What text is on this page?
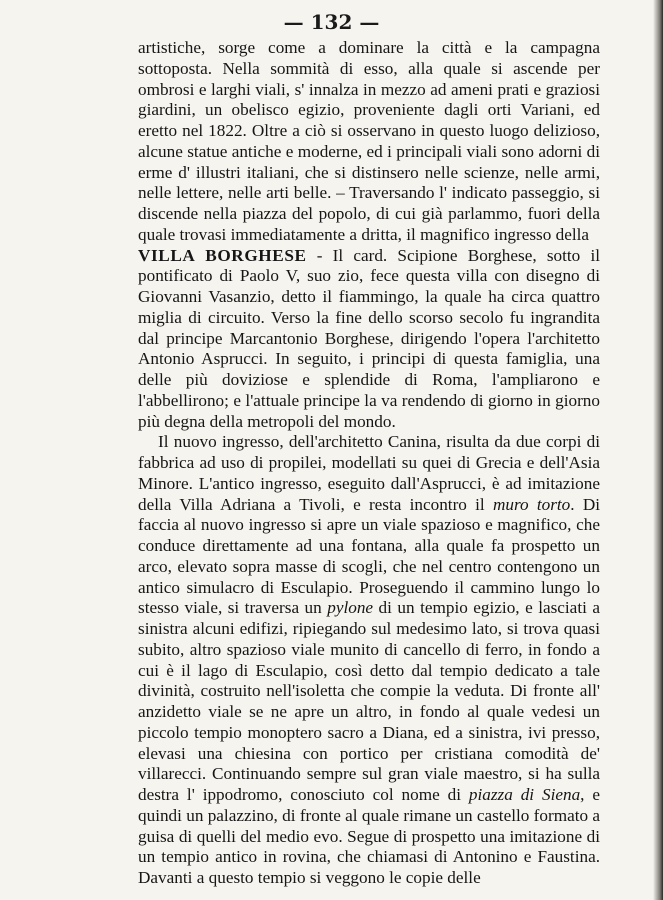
— 132 —

artistiche, sorge come a dominare la città e la campagna sottoposta. Nella sommità di esso, alla quale si ascende per ombrosi e larghi viali, s' innalza in mezzo ad ameni prati e graziosi giardini, un obelisco egizio, proveniente dagli orti Variani, ed eretto nel 1822. Oltre a ciò si osservano in questo luogo delizioso, alcune statue antiche e moderne, ed i principali viali sono adorni di erme d' illustri italiani, che si distinsero nelle scienze, nelle armi, nelle lettere, nelle arti belle. – Traversando l' indicato passeggio, si discende nella piazza del popolo, di cui già parlammo, fuori della quale trovasi immediatamente a dritta, il magnifico ingresso della

VILLA BORGHESE - Il card. Scipione Borghese, sotto il pontificato di Paolo V, suo zio, fece questa villa con disegno di Giovanni Vasanzio, detto il fiammingo, la quale ha circa quattro miglia di circuito. Verso la fine dello scorso secolo fu ingrandita dal principe Marcantonio Borghese, dirigendo l'opera l'architetto Antonio Asprucci. In seguito, i principi di questa famiglia, una delle più doviziose e splendide di Roma, l'ampliarono e l'abbellirono; e l'attuale principe la va rendendo di giorno in giorno più degna della metropoli del mondo.

Il nuovo ingresso, dell'architetto Canina, risulta da due corpi di fabbrica ad uso di propilei, modellati su quei di Grecia e dell'Asia Minore. L'antico ingresso, eseguito dall'Asprucci, è ad imitazione della Villa Adriana a Tivoli, e resta incontro il muro torto. Di faccia al nuovo ingresso si apre un viale spazioso e magnifico, che conduce direttamente ad una fontana, alla quale fa prospetto un arco, elevato sopra masse di scogli, che nel centro contengono un antico simulacro di Esculapio. Proseguendo il cammino lungo lo stesso viale, si traversa un pylone di un tempio egizio, e lasciati a sinistra alcuni edifizi, ripiegando sul medesimo lato, si trova quasi subito, altro spazioso viale munito di cancello di ferro, in fondo a cui è il lago di Esculapio, così detto dal tempio dedicato a tale divinità, costruito nell'isoletta che compie la veduta. Di fronte all' anzidetto viale se ne apre un altro, in fondo al quale vedesi un piccolo tempio monoptero sacro a Diana, ed a sinistra, ivi presso, elevasi una chiesina con portico per cristiana comodità de' villarecci. Continuando sempre sul gran viale maestro, si ha sulla destra l' ippodromo, conosciuto col nome di piazza di Siena, e quindi un palazzino, di fronte al quale rimane un castello formato a guisa di quelli del medio evo. Segue di prospetto una imitazione di un tempio antico in rovina, che chiamasi di Antonino e Faustina. Davanti a questo tempio si veggono le copie delle
